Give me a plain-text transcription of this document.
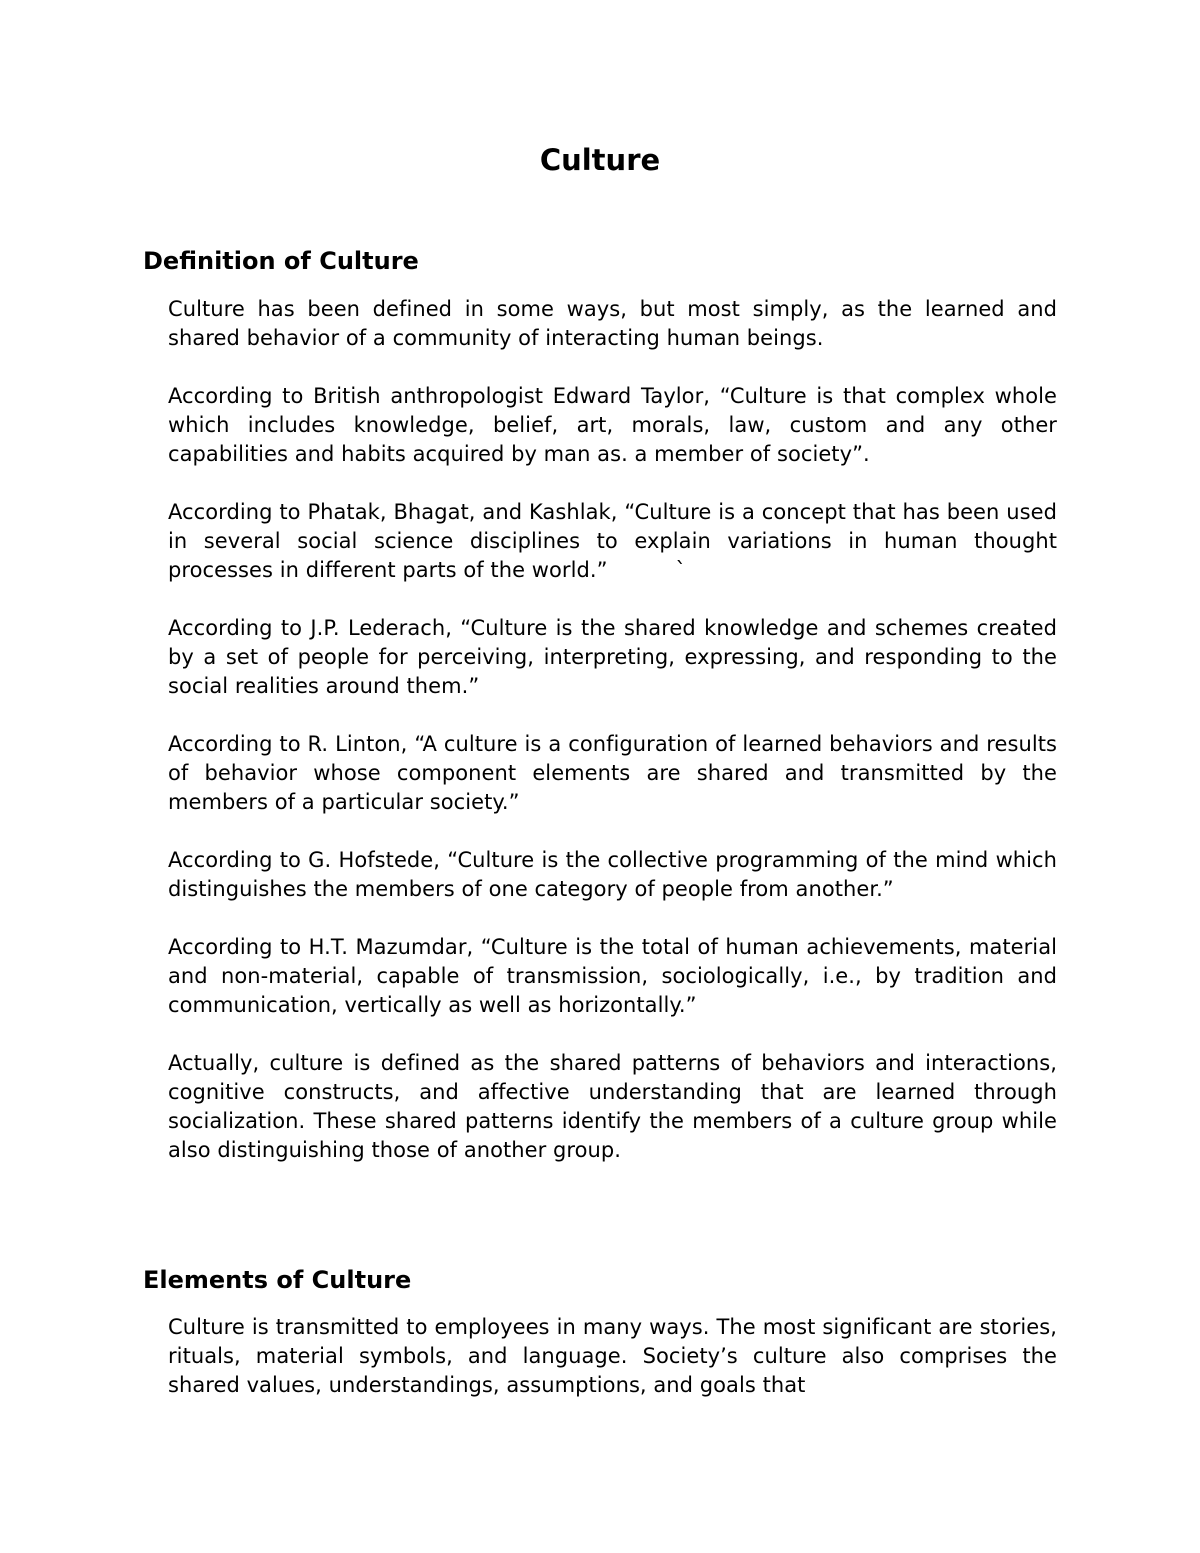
Culture
Definition of Culture

Culture has been defined in some ways, but most simply, as the learned and shared behavior of a community of interacting human beings.

According to British anthropologist Edward Taylor, “Culture is that complex whole which includes knowledge, belief, art, morals, law, custom and any other capabilities and habits acquired by man as. a member of society”.

According to Phatak, Bhagat, and Kashlak, “Culture is a concept that has been used in several social science disciplines to explain variations in human thought processes in different parts of the world.”	`

According to J.P. Lederach, “Culture is the shared knowledge and schemes created by a set of people for perceiving, interpreting, expressing, and responding to the social realities around them.”

According to R. Linton, “A culture is a configuration of learned behaviors and results of behavior whose component elements are shared and transmitted by the members of a particular society.”

According to G. Hofstede, “Culture is the collective programming of the mind which distinguishes the members of one category of people from another.”

According to H.T. Mazumdar, “Culture is the total of human achievements, material and non-material, capable of transmission, sociologically, i.e., by tradition and communication, vertically as well as horizontally.”

Actually, culture is defined as the shared patterns of behaviors and interactions, cognitive constructs, and affective understanding that are learned through socialization. These shared patterns identify the members of a culture group while also distinguishing those of another group.

Elements of Culture

Culture is transmitted to employees in many ways. The most significant are stories, rituals, material symbols, and language. Society’s culture also comprises the shared values, understandings, assumptions, and goals that
